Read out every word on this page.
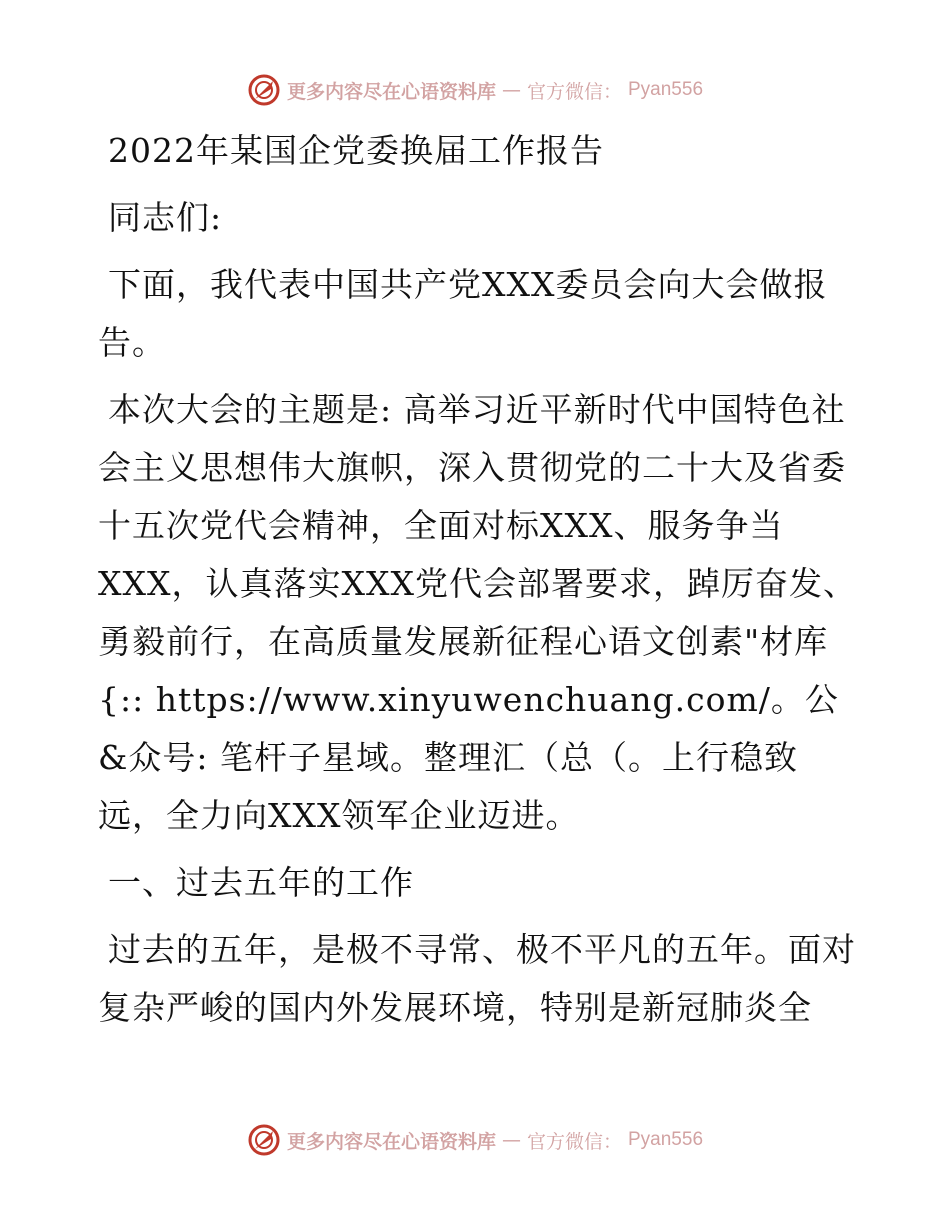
更多内容尽在心语资料库 — 官方微信： Pyan556

2022年某国企党委换届工作报告

同志们:

下面，我代表中国共产党XXX委员会向大会做报告。

本次大会的主题是: 高举习近平新时代中国特色社会主义思想伟大旗帜，深入贯彻党的二十大及省委十五次党代会精神，全面对标XXX、服务争当XXX，认真落实XXX党代会部署要求，踔厉奋发、勇毅前行，在高质量发展新征程心语文创素"材库{:: https://www.xinyuwenchuang.com/。公&众号: 笔杆子星域。整理汇（总（。上行稳致远，全力向XXX领军企业迈进。

一、过去五年的工作

过去的五年，是极不寻常、极不平凡的五年。面对复杂严峻的国内外发展环境，特别是新冠肺炎全

更多内容尽在心语资料库 — 官方微信： Pyan556
